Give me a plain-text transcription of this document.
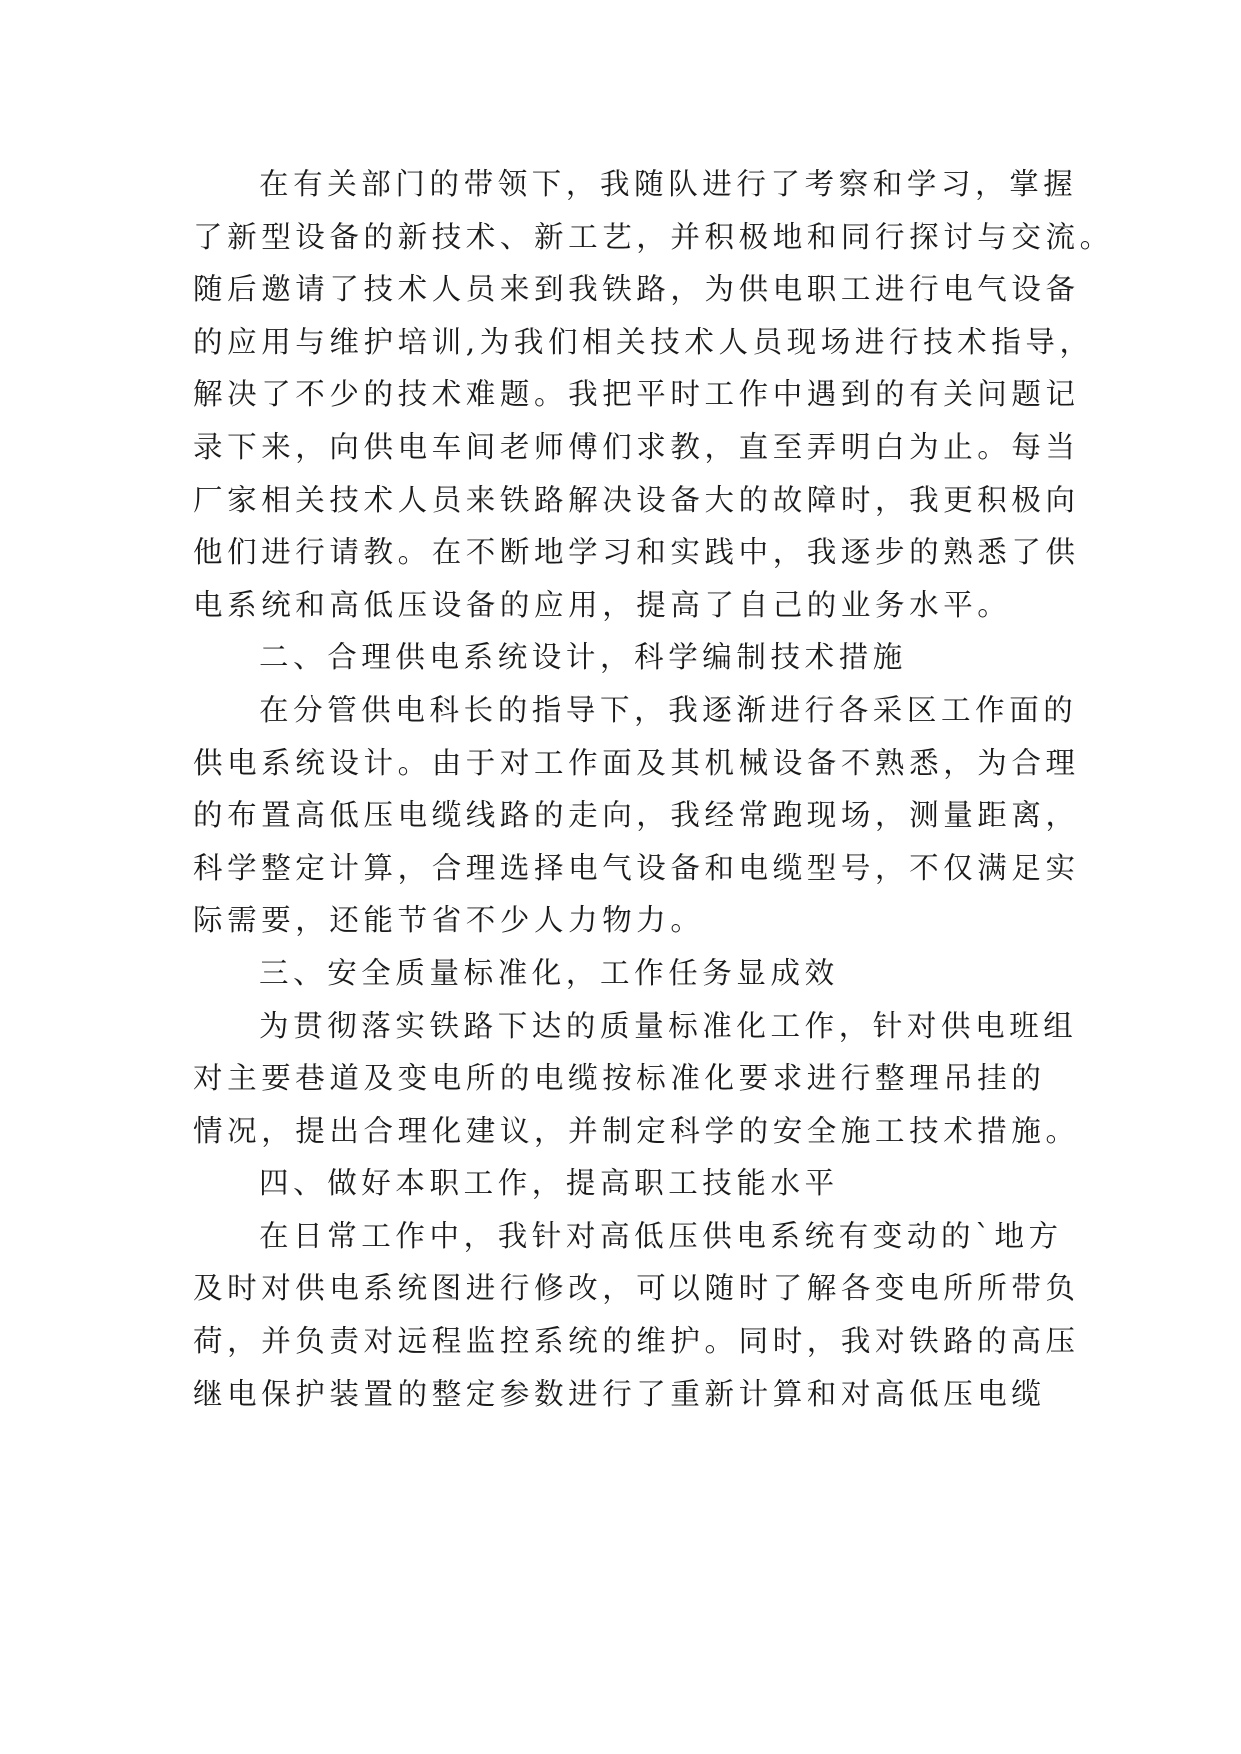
在有关部门的带领下，我随队进行了考察和学习，掌握
了新型设备的新技术、新工艺，并积极地和同行探讨与交流。
随后邀请了技术人员来到我铁路，为供电职工进行电气设备
的应用与维护培训,为我们相关技术人员现场进行技术指导，
解决了不少的技术难题。我把平时工作中遇到的有关问题记
录下来，向供电车间老师傅们求教，直至弄明白为止。每当
厂家相关技术人员来铁路解决设备大的故障时，我更积极向
他们进行请教。在不断地学习和实践中，我逐步的熟悉了供
电系统和高低压设备的应用，提高了自己的业务水平。
二、合理供电系统设计，科学编制技术措施
在分管供电科长的指导下，我逐渐进行各采区工作面的
供电系统设计。由于对工作面及其机械设备不熟悉，为合理
的布置高低压电缆线路的走向，我经常跑现场，测量距离，
科学整定计算，合理选择电气设备和电缆型号，不仅满足实
际需要，还能节省不少人力物力。
三、安全质量标准化，工作任务显成效
为贯彻落实铁路下达的质量标准化工作，针对供电班组
对主要巷道及变电所的电缆按标准化要求进行整理吊挂的
情况，提出合理化建议，并制定科学的安全施工技术措施。
四、做好本职工作，提高职工技能水平
在日常工作中，我针对高低压供电系统有变动的`地方
及时对供电系统图进行修改，可以随时了解各变电所所带负
荷，并负责对远程监控系统的维护。同时，我对铁路的高压
继电保护装置的整定参数进行了重新计算和对高低压电缆
